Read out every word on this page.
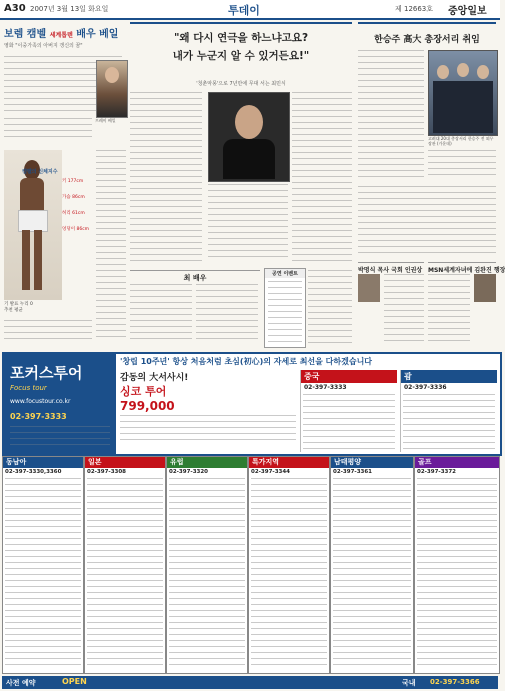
A30 2007년 3월 13일 화요일	투데이	제 12663호 중앙일보
보렘 캠벨 세계톱텐 배우 베일
영화 "이중가족의 아버지 갱신의 꿈"
프레이 베일
캠벨의 신체지수
키 177cm
가슴 86cm
허리 61cm
엉덩이 86cm
기 발표 누리 0
추천 평균
"왜 다시 연극을 하느냐고요?
내가 누군지 알 수 있거든요!"
'청춘악몽'으로 7년만에 무대 서는 최민식
최 배우	공연 이벤트
한승주 高大 총장서리 취임
고려대 20대 총장서리 한승주 전 외무장관 (가운데)
박명식 목사 국회 인권상 MSN세계자녀에 김완진 행장
포커스투어
Focus tour
www.focustour.co.kr
02-397-3333
'창립 10주년' 항상 처음처럼 초심(初心)의 자세로 최선을 다하겠습니다
감동의 大서사시!
싱코 투어
799,000
중국
02-397-3333
괌
02-397-3336
동남아
02-397-3330,3360
일본
02-397-3308
유럽
02-397-3320
특가지역
02-397-3344
남태평양
02-397-3361
골프
02-397-3372
사전 예약	OPEN	국내 02-397-3366
